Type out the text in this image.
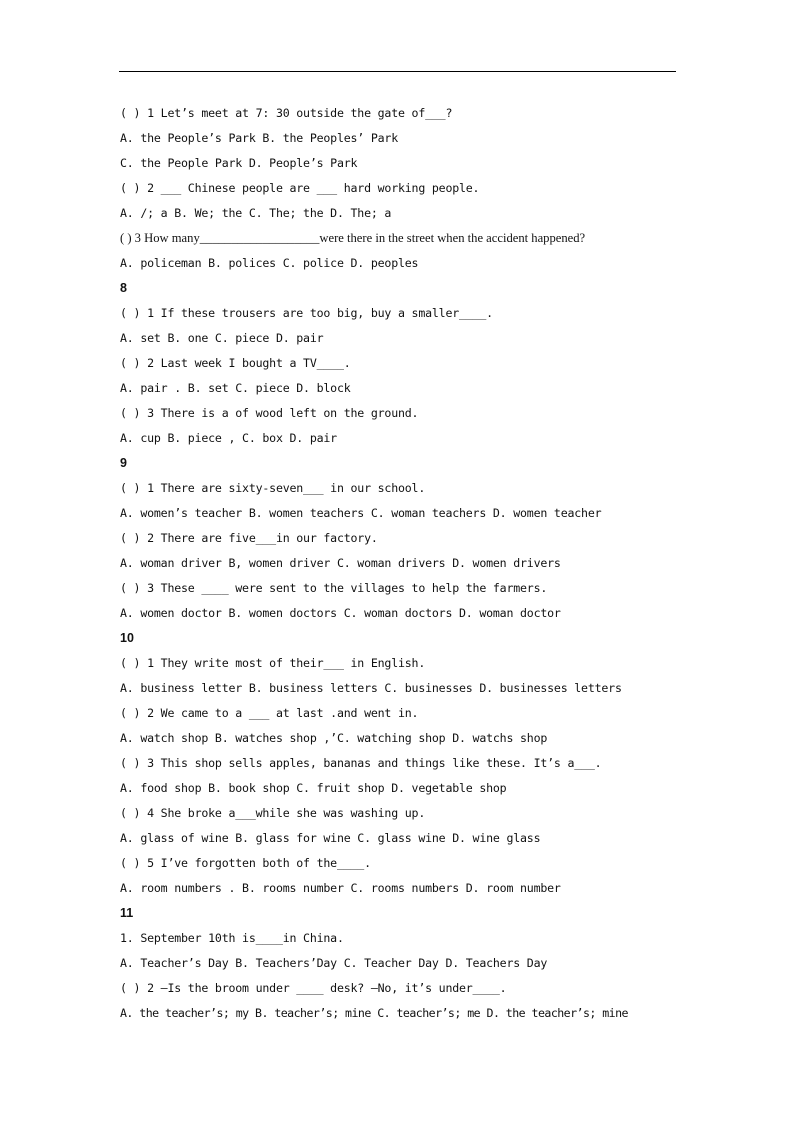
( ) 1 Let’s meet at 7: 30 outside the gate of___?
A. the People’s Park B. the Peoples’ Park
C. the People Park D. People’s Park
( ) 2 ___ Chinese people are ___ hard working people.
A. /; a B. We; the C. The; the D. The; a
( ) 3 How many___________________were there in the street when the accident happened?
A. policeman B. polices C. police D. peoples
8
( ) 1 If these trousers are too big, buy a smaller____.
A. set B. one C. piece D. pair
( ) 2 Last week I bought a TV____.
A. pair . B. set C. piece D. block
( ) 3 There is a of wood left on the ground.
A. cup B. piece , C. box D. pair
9
( ) 1 There are sixty-seven___ in our school.
A. women’s teacher B. women teachers C. woman teachers D. women teacher
( ) 2 There are five___in our factory.
A. woman driver B, women driver C. woman drivers D. women drivers
( ) 3 These ____ were sent to the villages to help the farmers.
A. women doctor B. women doctors C. woman doctors D. woman doctor
10
( ) 1 They write most of their___ in English.
A. business letter B. business letters C. businesses D. businesses letters
( ) 2 We came to a ___ at last .and went in.
A. watch shop B. watches shop ,’C. watching shop D. watchs shop
( ) 3 This shop sells apples, bananas and things like these. It’s a___.
A. food shop B. book shop C. fruit shop D. vegetable shop
( ) 4 She broke a___while she was washing up.
A. glass of wine B. glass for wine C. glass wine D. wine glass
( ) 5 I’ve forgotten both of the____.
A. room numbers . B. rooms number C. rooms numbers D. room number
11
1. September 10th is____in China.
A. Teacher’s Day B. Teachers’Day C. Teacher Day D. Teachers Day
( ) 2 –Is the broom under ____ desk? –No, it’s under____.
A. the teacher’s; my B. teacher’s; mine C. teacher’s; me D. the teacher’s; mine
